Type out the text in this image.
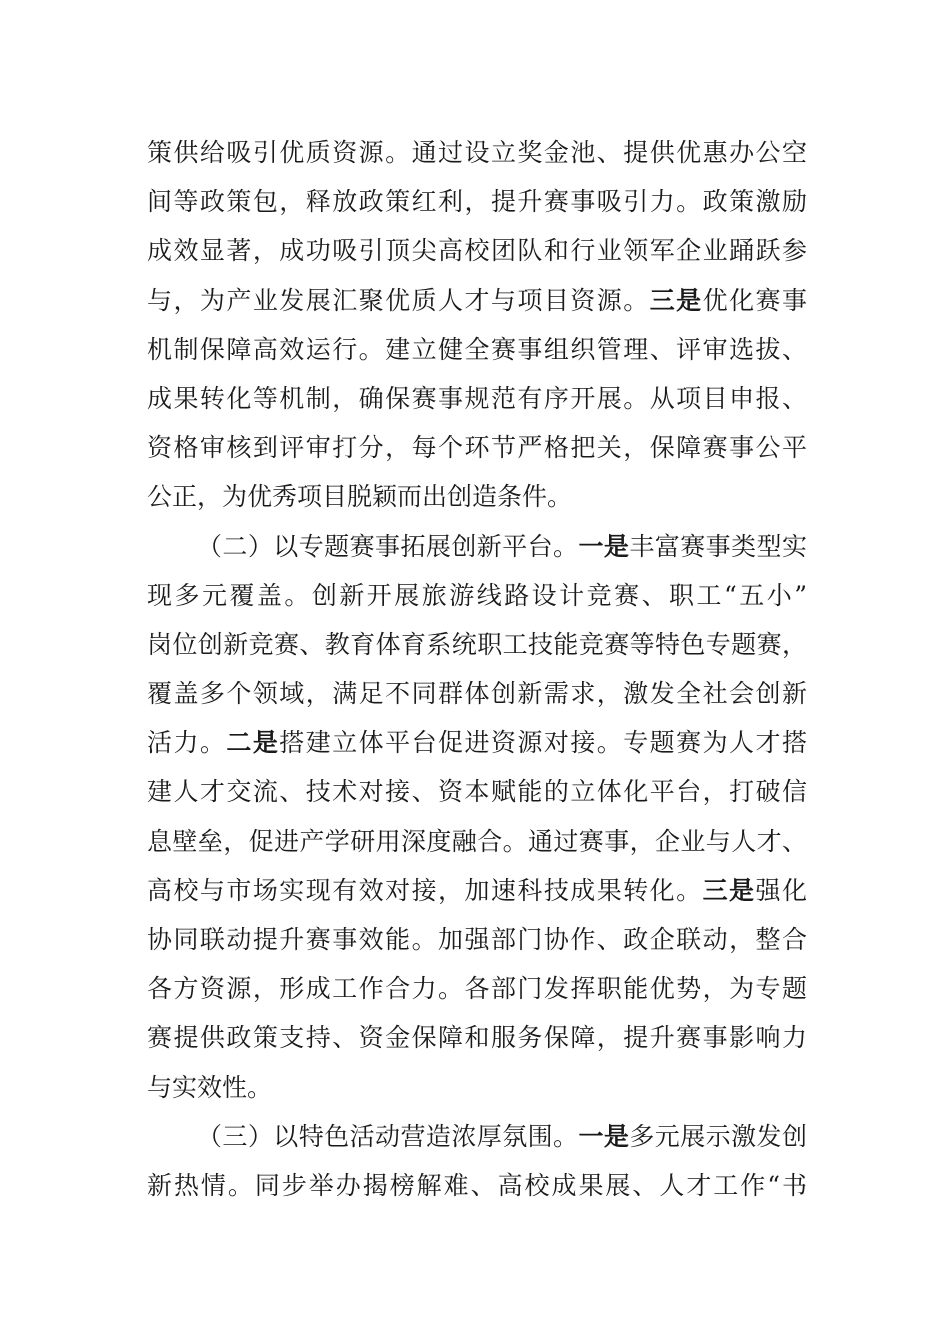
策供给吸引优质资源。通过设立奖金池、提供优惠办公空
间等政策包，释放政策红利，提升赛事吸引力。政策激励
成效显著，成功吸引顶尖高校团队和行业领军企业踊跃参
与，为产业发展汇聚优质人才与项目资源。三是优化赛事
机制保障高效运行。建立健全赛事组织管理、评审选拔、
成果转化等机制，确保赛事规范有序开展。从项目申报、
资格审核到评审打分，每个环节严格把关，保障赛事公平
公正，为优秀项目脱颖而出创造条件。
（二）以专题赛事拓展创新平台。一是丰富赛事类型实
现多元覆盖。创新开展旅游线路设计竞赛、职工“五小”
岗位创新竞赛、教育体育系统职工技能竞赛等特色专题赛，
覆盖多个领域，满足不同群体创新需求，激发全社会创新
活力。二是搭建立体平台促进资源对接。专题赛为人才搭
建人才交流、技术对接、资本赋能的立体化平台，打破信
息壁垒，促进产学研用深度融合。通过赛事，企业与人才、
高校与市场实现有效对接，加速科技成果转化。三是强化
协同联动提升赛事效能。加强部门协作、政企联动，整合
各方资源，形成工作合力。各部门发挥职能优势，为专题
赛提供政策支持、资金保障和服务保障，提升赛事影响力
与实效性。
（三）以特色活动营造浓厚氛围。一是多元展示激发创
新热情。同步举办揭榜解难、高校成果展、人才工作“书
